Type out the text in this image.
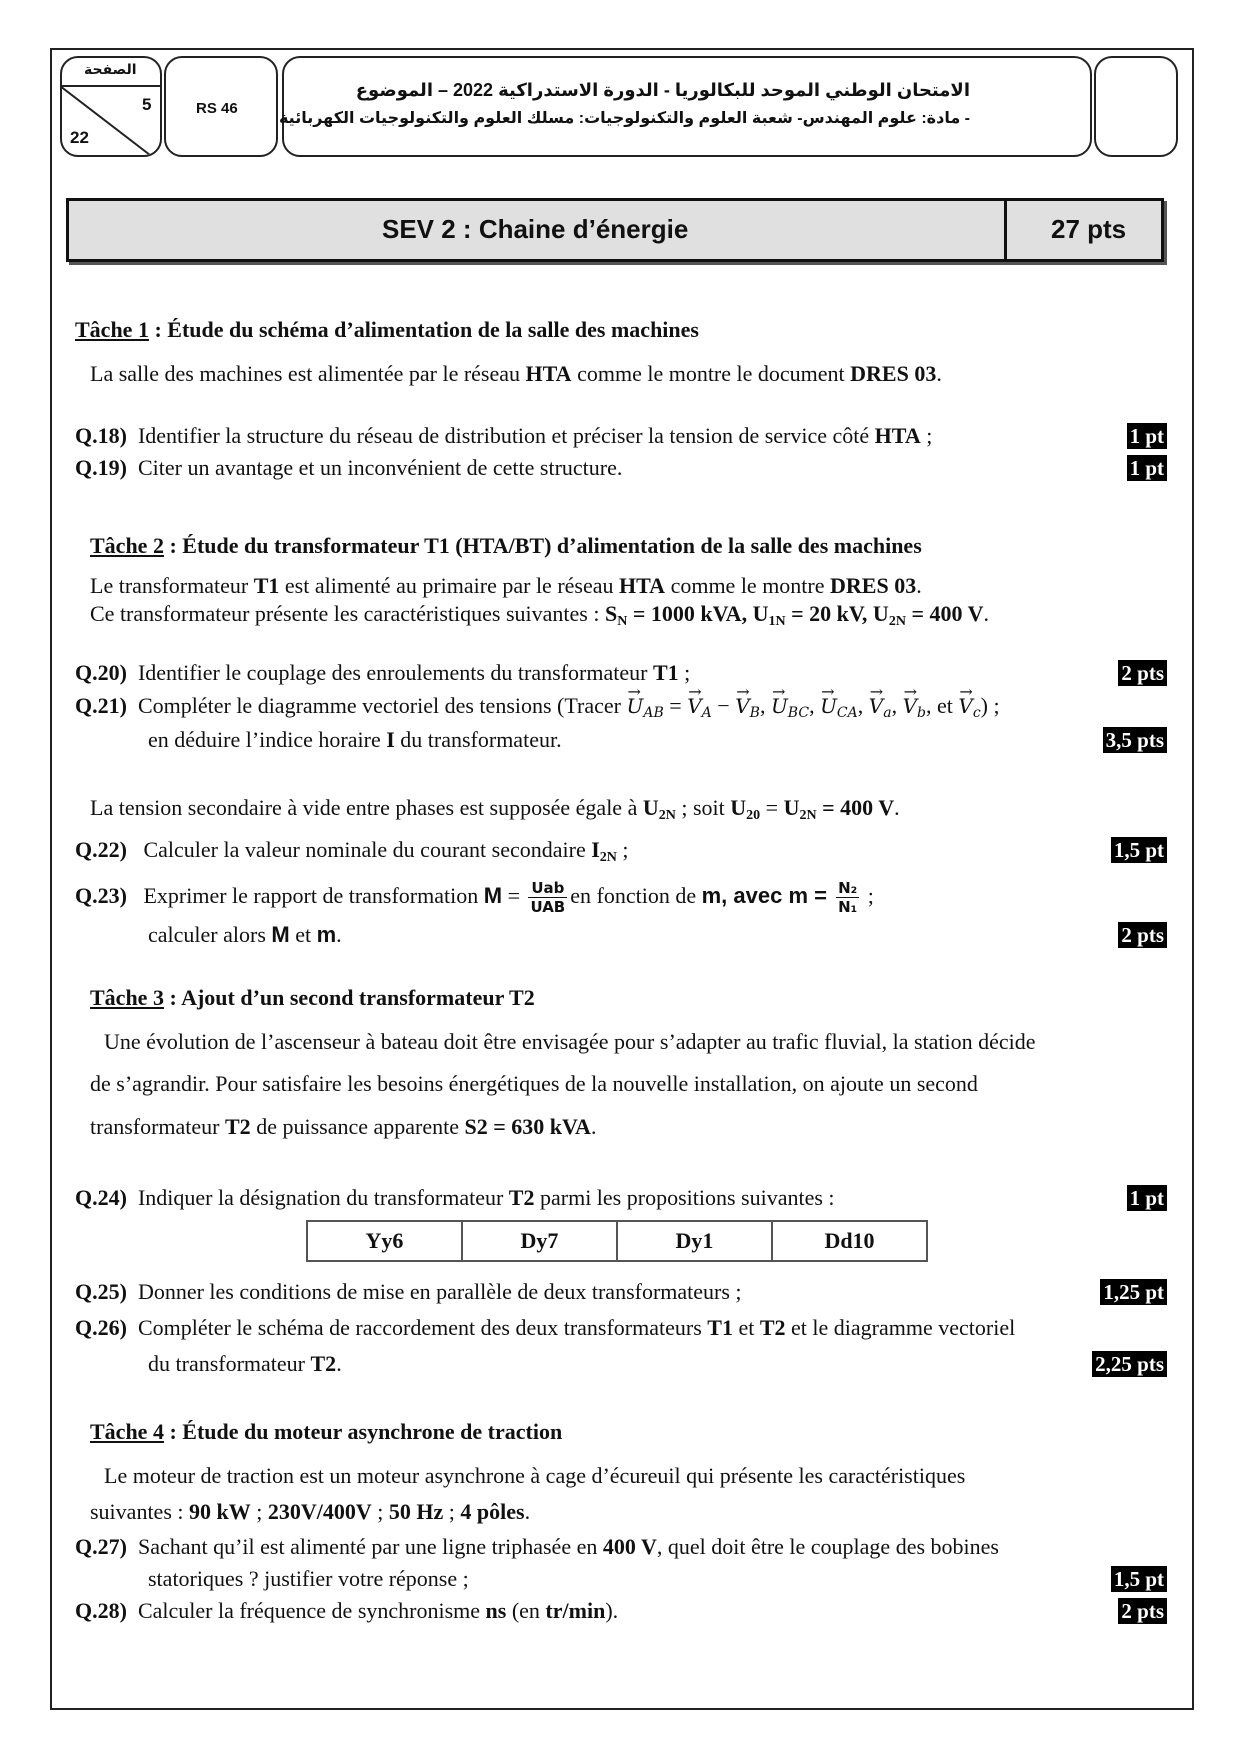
الصفحة
5
22
RS 46
الامتحان الوطني الموحد للبكالوريا - الدورة الاستدراكية 2022 – الموضوع
- مادة: علوم المهندس- شعبة العلوم والتكنولوجيات: مسلك العلوم والتكنولوجيات الكهربائية
SEV 2 : Chaine d’énergie	27 pts
Tâche 1 : Étude du schéma d’alimentation de la salle des machines
La salle des machines est alimentée par le réseau HTA comme le montre le document DRES 03.
Q.18) Identifier la structure du réseau de distribution et préciser la tension de service côté HTA ;	1 pt
Q.19) Citer un avantage et un inconvénient de cette structure.	1 pt
Tâche 2 : Étude du transformateur T1 (HTA/BT) d’alimentation de la salle des machines
Le transformateur T1 est alimenté au primaire par le réseau HTA comme le montre DRES 03.
Ce transformateur présente les caractéristiques suivantes : $S_N = 1000$ kVA, $U_{1N} = 20$ kV, $U_{2N} = 400$ V.
Q.20) Identifier le couplage des enroulements du transformateur T1 ;	2 pts
Q.21) Compléter le diagramme vectoriel des tensions (Tracer → $U_{AB}$ = → $V_A$ − → $V_B$, → $U_{BC}$, → $U_{CA}$, → $V_a$, → $V_b$, et → $V_c$) ;
en déduire l’indice horaire I du transformateur.	3,5 pts
La tension secondaire à vide entre phases est supposée égale à $U_{2N}$ ; soit $U_{20} = U_{2N} = 400$ V.
Q.22) Calculer la valeur nominale du courant secondaire $I_{2N}$ ;	1,5 pt
Q.23) Exprimer le rapport de transformation $M = \frac{\text{Uab}}{\text{UAB}}$ en fonction de m, avec $m = \frac{\text{N₂}}{\text{N₁}}$ ;
calculer alors M et m.	2 pts
Tâche 3 : Ajout d’un second transformateur T2
Une évolution de l’ascenseur à bateau doit être envisagée pour s’adapter au trafic fluvial, la station décide
de s’agrandir. Pour satisfaire les besoins énergétiques de la nouvelle installation, on ajoute un second
transformateur T2 de puissance apparente S2 = 630 kVA.
Q.24) Indiquer la désignation du transformateur T2 parmi les propositions suivantes :	1 pt
Yy6	Dy7	Dy1	Dd10
Q.25) Donner les conditions de mise en parallèle de deux transformateurs ;	1,25 pt
Q.26) Compléter le schéma de raccordement des deux transformateurs T1 et T2 et le diagramme vectoriel
du transformateur T2.	2,25 pts
Tâche 4 : Étude du moteur asynchrone de traction
Le moteur de traction est un moteur asynchrone à cage d’écureuil qui présente les caractéristiques
suivantes : 90 kW ; 230V/400V ; 50 Hz ; 4 pôles.
Q.27) Sachant qu’il est alimenté par une ligne triphasée en 400 V, quel doit être le couplage des bobines
statoriques ? justifier votre réponse ;	1,5 pt
Q.28) Calculer la fréquence de synchronisme ns (en tr/min).	2 pts
